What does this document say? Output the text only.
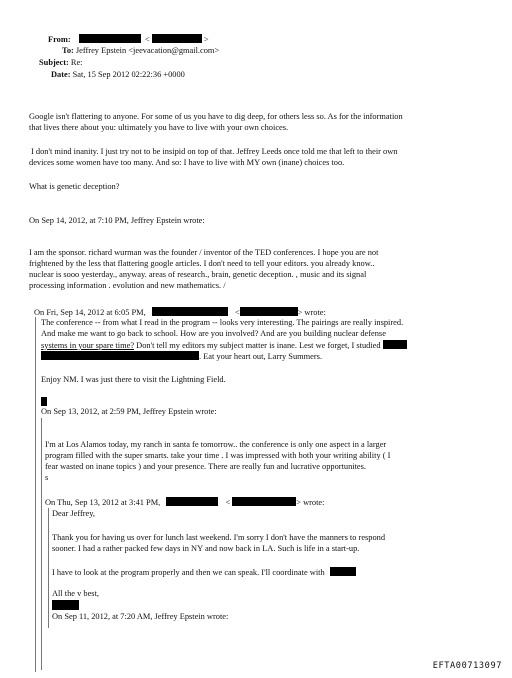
From:	<	>
To: Jeffrey Epstein <jeevacation@gmail.com>
Subject: Re:
Date: Sat, 15 Sep 2012 02:22:36 +0000
Google isn't flattering to anyone. For some of us you have to dig deep, for others less so. As for the information
that lives there about you: ultimately you have to live with your own choices.
I don't mind inanity. I just try not to be insipid on top of that. Jeffrey Leeds once told me that left to their own
devices some women have too many. And so: I have to live with MY own (inane) choices too.
What is genetic deception?
On Sep 14, 2012, at 7:10 PM, Jeffrey Epstein wrote:
I am the sponsor. richard wurman was the founder / inventor of the TED conferences. I hope you are not
frightened by the less that flattering google articles. I don't need to tell your editors. you already know..
nuclear is sooo yesterday., anyway. areas of research., brain, genetic deception. , music and its signal
processing information . evolution and new mathematics. /
On Fri, Sep 14, 2012 at 6:05 PM,	<	> wrote:
The conference -- from what I read in the program -- looks very interesting. The pairings are really inspired.
And make me want to go back to school. How are you involved? And are you building nuclear defense
systems in your spare time? Don't tell my editors my subject matter is inane. Lest we forget, I studied
. Eat your heart out, Larry Summers.
Enjoy NM. I was just there to visit the Lightning Field.
On Sep 13, 2012, at 2:59 PM, Jeffrey Epstein wrote:
I'm at Los Alamos today, my ranch in santa fe tomorrow.. the conference is only one aspect in a larger
program filled with the super smarts. take your time . I was impressed with both your writing ability ( I
fear wasted on inane topics ) and your presence. There are really fun and lucrative opportunites.
s
On Thu, Sep 13, 2012 at 3:41 PM,	<	> wrote:
Dear Jeffrey,
Thank you for having us over for lunch last weekend. I'm sorry I don't have the manners to respond
sooner. I had a rather packed few days in NY and now back in LA. Such is life in a start-up.
I have to look at the program properly and then we can speak. I'll coordinate with
All the v best,
On Sep 11, 2012, at 7:20 AM, Jeffrey Epstein wrote:
EFTA00713097
